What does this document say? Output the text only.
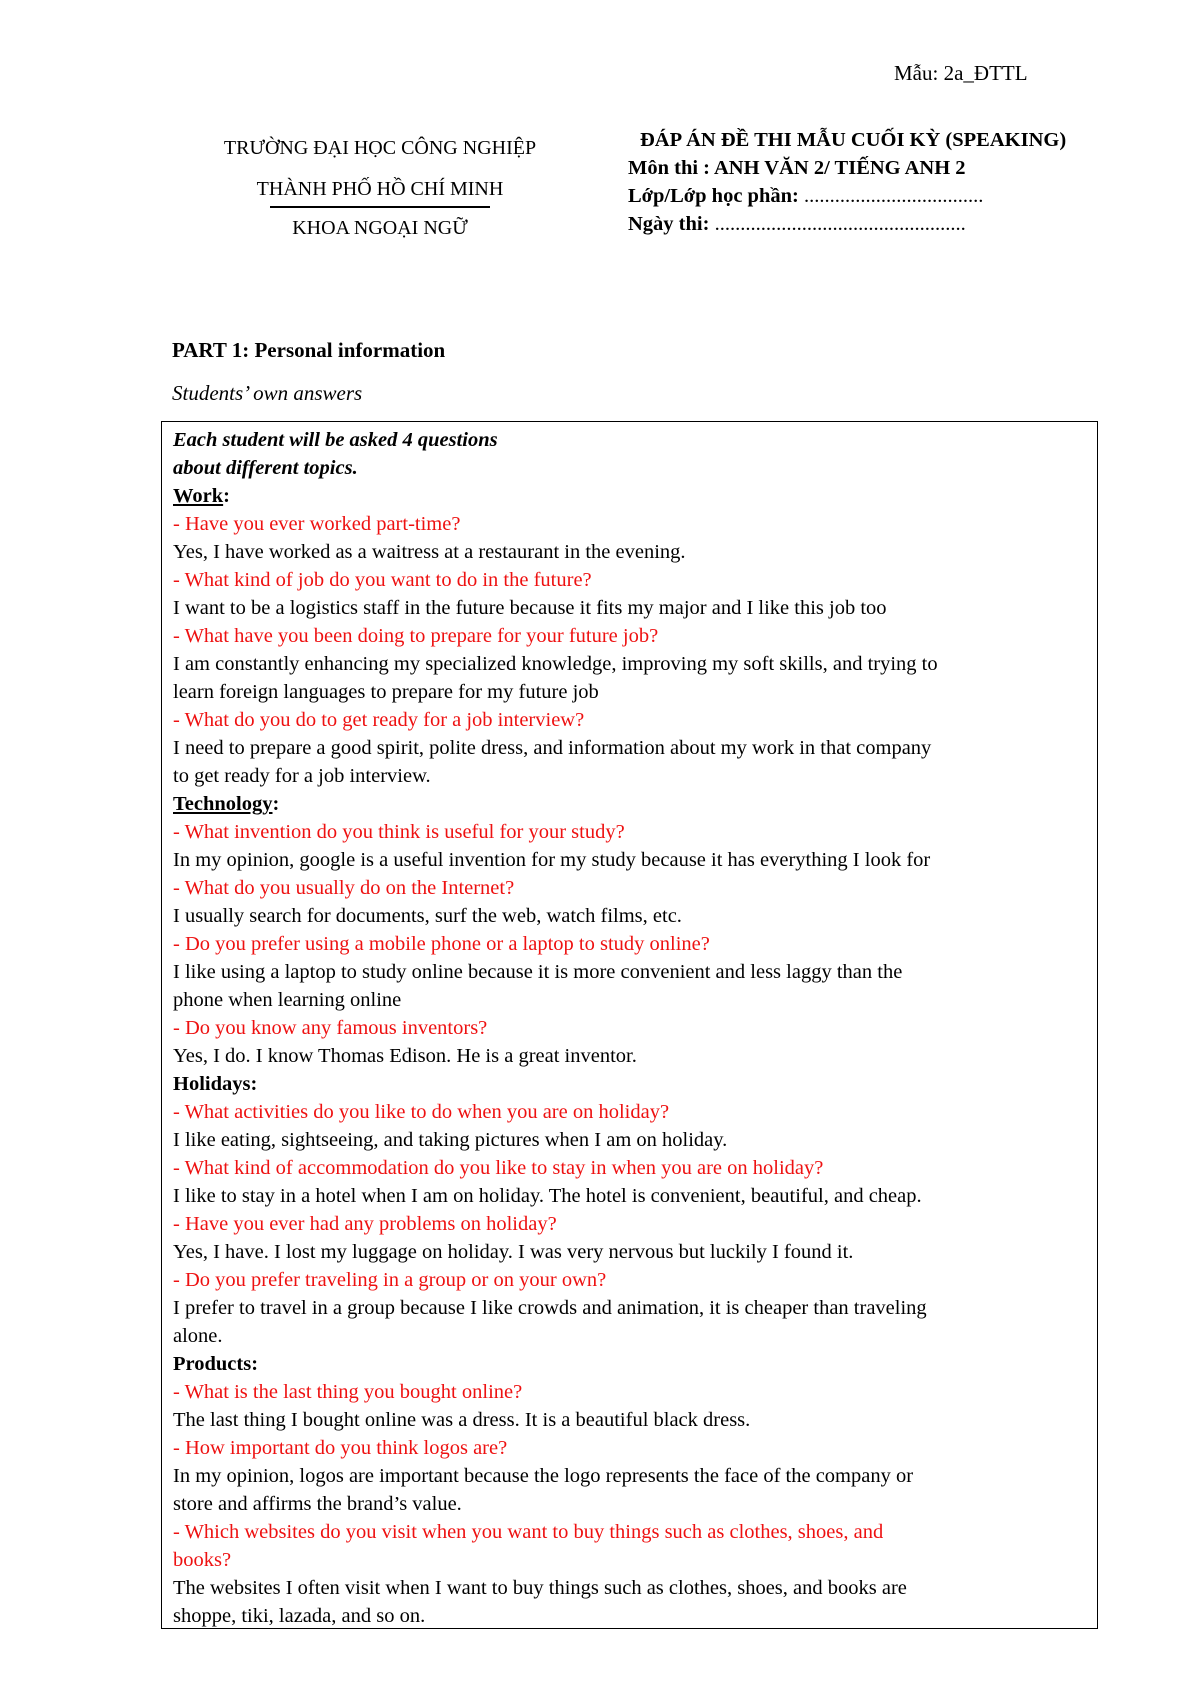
Mẫu: 2a_ĐTTL
TRƯỜNG ĐẠI HỌC CÔNG NGHIỆP
THÀNH PHỐ HỒ CHÍ MINH
KHOA NGOẠI NGỮ
ĐÁP ÁN ĐỀ THI MẪU CUỐI KỲ (SPEAKING)
Môn thi : ANH VĂN 2/ TIẾNG ANH 2
Lớp/Lớp học phần: ...................................
Ngày thi: .................................................
PART 1: Personal information
Students’ own answers
Each student will be asked 4 questions
about different topics.
Work:
- Have you ever worked part-time?
Yes, I have worked as a waitress at a restaurant in the evening.
- What kind of job do you want to do in the future?
I want to be a logistics staff in the future because it fits my major and I like this job too
- What have you been doing to prepare for your future job?
I am constantly enhancing my specialized knowledge, improving my soft skills, and trying to
learn foreign languages to prepare for my future job
- What do you do to get ready for a job interview?
I need to prepare a good spirit, polite dress, and information about my work in that company
to get ready for a job interview.
Technology:
- What invention do you think is useful for your study?
In my opinion, google is a useful invention for my study because it has everything I look for
- What do you usually do on the Internet?
I usually search for documents, surf the web, watch films, etc.
- Do you prefer using a mobile phone or a laptop to study online?
I like using a laptop to study online because it is more convenient and less laggy than the
phone when learning online
- Do you know any famous inventors?
Yes, I do. I know Thomas Edison. He is a great inventor.
Holidays:
- What activities do you like to do when you are on holiday?
I like eating, sightseeing, and taking pictures when I am on holiday.
- What kind of accommodation do you like to stay in when you are on holiday?
I like to stay in a hotel when I am on holiday. The hotel is convenient, beautiful, and cheap.
- Have you ever had any problems on holiday?
Yes, I have. I lost my luggage on holiday. I was very nervous but luckily I found it.
- Do you prefer traveling in a group or on your own?
I prefer to travel in a group because I like crowds and animation, it is cheaper than traveling
alone.
Products:
- What is the last thing you bought online?
The last thing I bought online was a dress. It is a beautiful black dress.
- How important do you think logos are?
In my opinion, logos are important because the logo represents the face of the company or
store and affirms the brand’s value.
- Which websites do you visit when you want to buy things such as clothes, shoes, and
books?
The websites I often visit when I want to buy things such as clothes, shoes, and books are
shoppe, tiki, lazada, and so on.
